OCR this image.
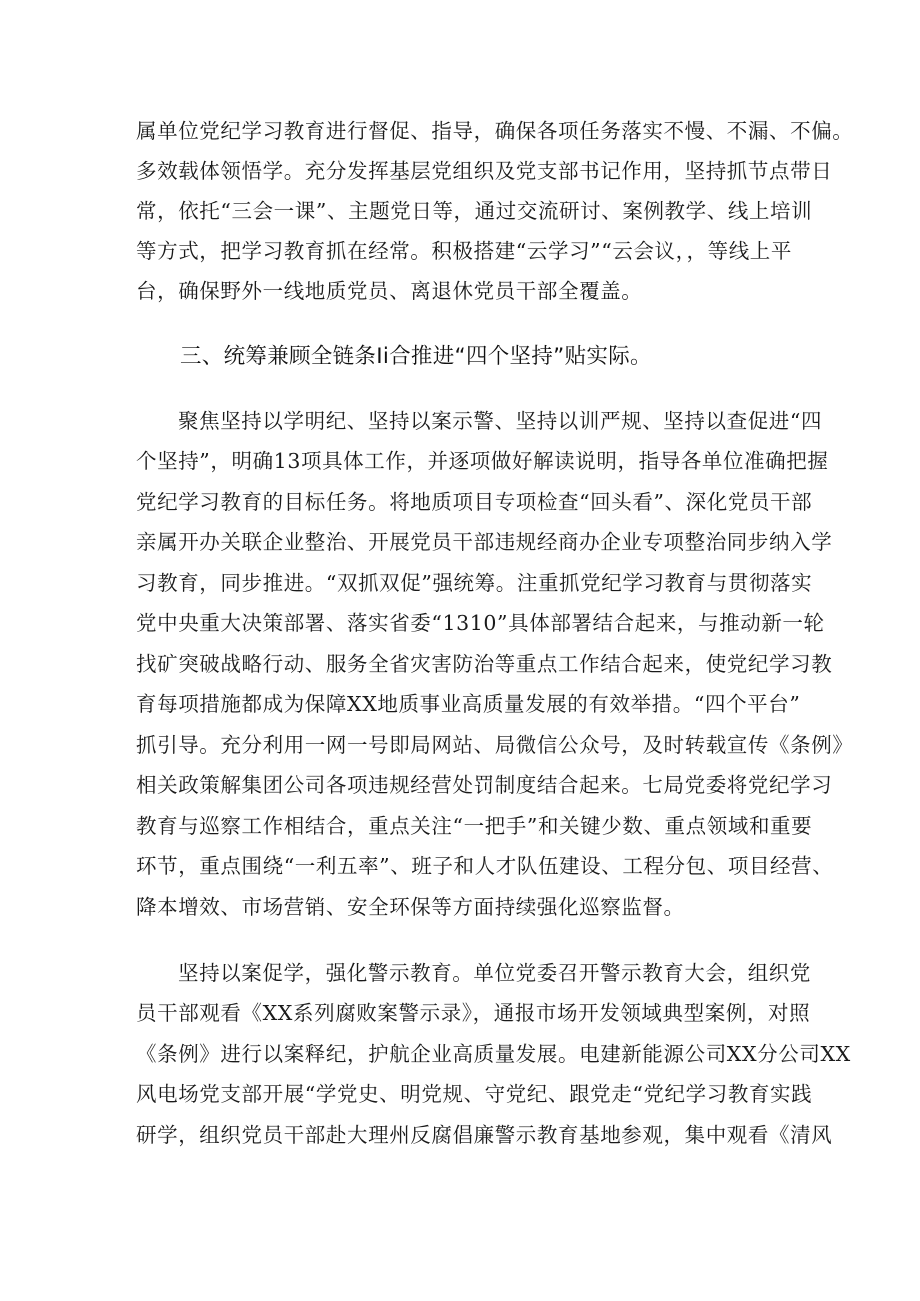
属单位党纪学习教育进行督促、指导，确保各项任务落实不慢、不漏、不偏。
多效载体领悟学。充分发挥基层党组织及党支部书记作用，坚持抓节点带日
常，依托“三会一课”、主题党日等，通过交流研讨、案例教学、线上培训
等方式，把学习教育抓在经常。积极搭建“云学习”“云会议，，等线上平
台，确保野外一线地质党员、离退休党员干部全覆盖。
三、统筹兼顾全链条Ii合推进“四个坚持”贴实际。
聚焦坚持以学明纪、坚持以案示警、坚持以训严规、坚持以查促进“四
个坚持”，明确13项具体工作，并逐项做好解读说明，指导各单位准确把握
党纪学习教育的目标任务。将地质项目专项检查“回头看”、深化党员干部
亲属开办关联企业整治、开展党员干部违规经商办企业专项整治同步纳入学
习教育，同步推进。“双抓双促”强统筹。注重抓党纪学习教育与贯彻落实
党中央重大决策部署、落实省委“1310”具体部署结合起来，与推动新一轮
找矿突破战略行动、服务全省灾害防治等重点工作结合起来，使党纪学习教
育每项措施都成为保障XX地质事业高质量发展的有效举措。“四个平台”
抓引导。充分利用一网一号即局网站、局微信公众号，及时转载宣传《条例》
相关政策解集团公司各项违规经营处罚制度结合起来。七局党委将党纪学习
教育与巡察工作相结合，重点关注“一把手”和关键少数、重点领域和重要
环节，重点围绕“一利五率”、班子和人才队伍建设、工程分包、项目经营、
降本增效、市场营销、安全环保等方面持续强化巡察监督。
坚持以案促学，强化警示教育。单位党委召开警示教育大会，组织党
员干部观看《XX系列腐败案警示录》，通报市场开发领域典型案例，对照
《条例》进行以案释纪，护航企业高质量发展。电建新能源公司XX分公司XX
风电场党支部开展“学党史、明党规、守党纪、跟党走“党纪学习教育实践
研学，组织党员干部赴大理州反腐倡廉警示教育基地参观，集中观看《清风
